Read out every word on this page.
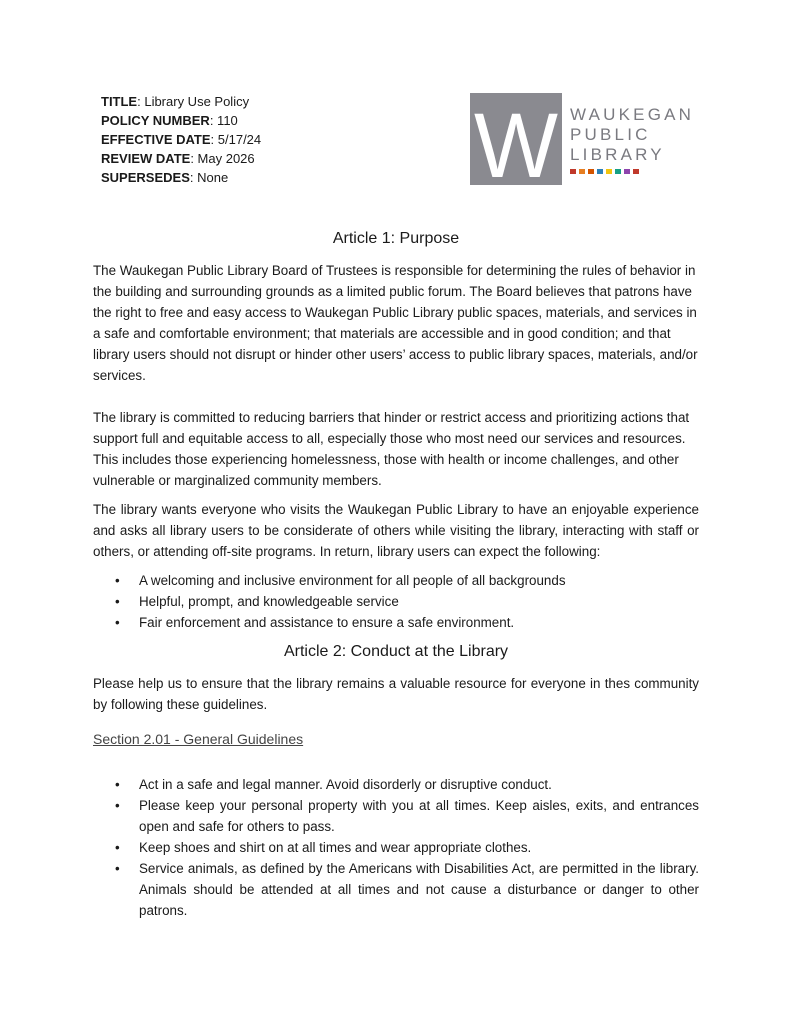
TITLE: Library Use Policy
POLICY NUMBER: 110
EFFECTIVE DATE: 5/17/24
REVIEW DATE: May 2026
SUPERSEDES: None	W WAUKEGAN
PUBLIC
LIBRARY
Article 1: Purpose

The Waukegan Public Library Board of Trustees is responsible for determining the rules of behavior in the building and surrounding grounds as a limited public forum. The Board believes that patrons have the right to free and easy access to Waukegan Public Library public spaces, materials, and services in a safe and comfortable environment; that materials are accessible and in good condition; and that library users should not disrupt or hinder other users’ access to public library spaces, materials, and/or services.

The library is committed to reducing barriers that hinder or restrict access and prioritizing actions that support full and equitable access to all, especially those who most need our services and resources. This includes those experiencing homelessness, those with health or income challenges, and other vulnerable or marginalized community members.

The library wants everyone who visits the Waukegan Public Library to have an enjoyable experience and asks all library users to be considerate of others while visiting the library, interacting with staff or others, or attending off-site programs. In return, library users can expect the following:

• A welcoming and inclusive environment for all people of all backgrounds
• Helpful, prompt, and knowledgeable service
• Fair enforcement and assistance to ensure a safe environment.
Article 2: Conduct at the Library

Please help us to ensure that the library remains a valuable resource for everyone in thes community by following these guidelines.

Section 2.01 - General Guidelines
• Act in a safe and legal manner. Avoid disorderly or disruptive conduct.
• Please keep your personal property with you at all times. Keep aisles, exits, and entrances open and safe for others to pass.
• Keep shoes and shirt on at all times and wear appropriate clothes.
• Service animals, as defined by the Americans with Disabilities Act, are permitted in the library. Animals should be attended at all times and not cause a disturbance or danger to other patrons.
